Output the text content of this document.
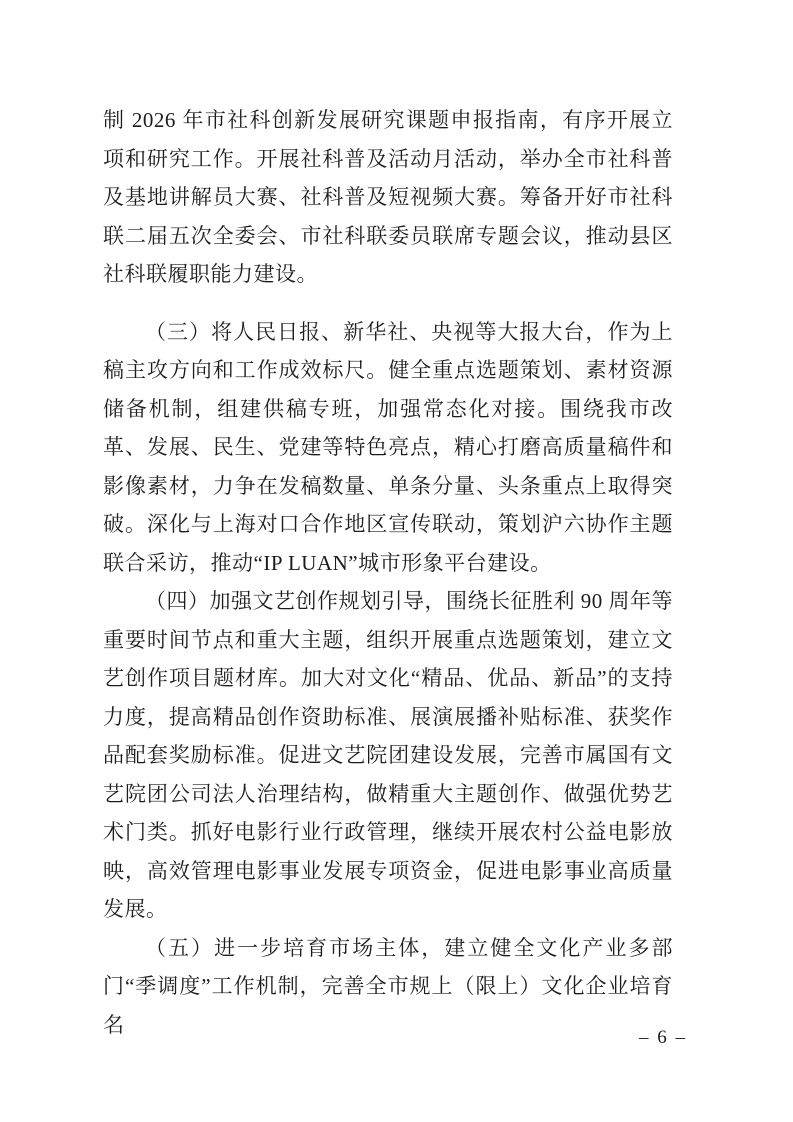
制 2026 年市社科创新发展研究课题申报指南，有序开展立项和研究工作。开展社科普及活动月活动，举办全市社科普及基地讲解员大赛、社科普及短视频大赛。筹备开好市社科联二届五次全委会、市社科联委员联席专题会议，推动县区社科联履职能力建设。

（三）将人民日报、新华社、央视等大报大台，作为上稿主攻方向和工作成效标尺。健全重点选题策划、素材资源储备机制，组建供稿专班，加强常态化对接。围绕我市改革、发展、民生、党建等特色亮点，精心打磨高质量稿件和影像素材，力争在发稿数量、单条分量、头条重点上取得突破。深化与上海对口合作地区宣传联动，策划沪六协作主题联合采访，推动“IP LUAN”城市形象平台建设。

（四）加强文艺创作规划引导，围绕长征胜利 90 周年等重要时间节点和重大主题，组织开展重点选题策划，建立文艺创作项目题材库。加大对文化“精品、优品、新品”的支持力度，提高精品创作资助标准、展演展播补贴标准、获奖作品配套奖励标准。促进文艺院团建设发展，完善市属国有文艺院团公司法人治理结构，做精重大主题创作、做强优势艺术门类。抓好电影行业行政管理，继续开展农村公益电影放映，高效管理电影事业发展专项资金，促进电影事业高质量发展。

（五）进一步培育市场主体，建立健全文化产业多部门“季调度”工作机制，完善全市规上（限上）文化企业培育名

– 6 –
